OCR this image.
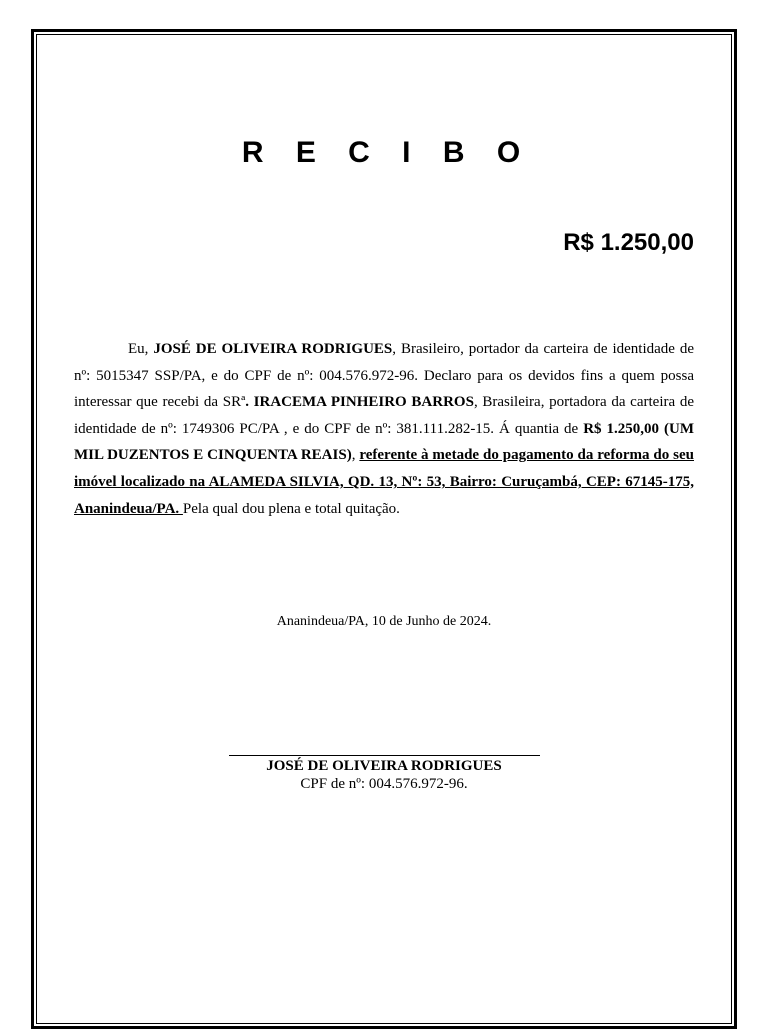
R E C I B O
R$ 1.250,00
Eu, JOSÉ DE OLIVEIRA RODRIGUES, Brasileiro, portador da carteira de identidade de nº: 5015347 SSP/PA, e do CPF de nº: 004.576.972-96. Declaro para os devidos fins a quem possa interessar que recebi da SRª. IRACEMA PINHEIRO BARROS, Brasileira, portadora da carteira de identidade de nº: 1749306 PC/PA , e do CPF de nº: 381.111.282-15. Á quantia de R$ 1.250,00 (UM MIL DUZENTOS E CINQUENTA REAIS), referente à metade do pagamento da reforma do seu imóvel localizado na ALAMEDA SILVIA, QD. 13, Nº: 53, Bairro: Curuçambá, CEP: 67145-175, Ananindeua/PA. Pela qual dou plena e total quitação.
Ananindeua/PA, 10 de Junho de 2024.
JOSÉ DE OLIVEIRA RODRIGUES
CPF de nº: 004.576.972-96.
